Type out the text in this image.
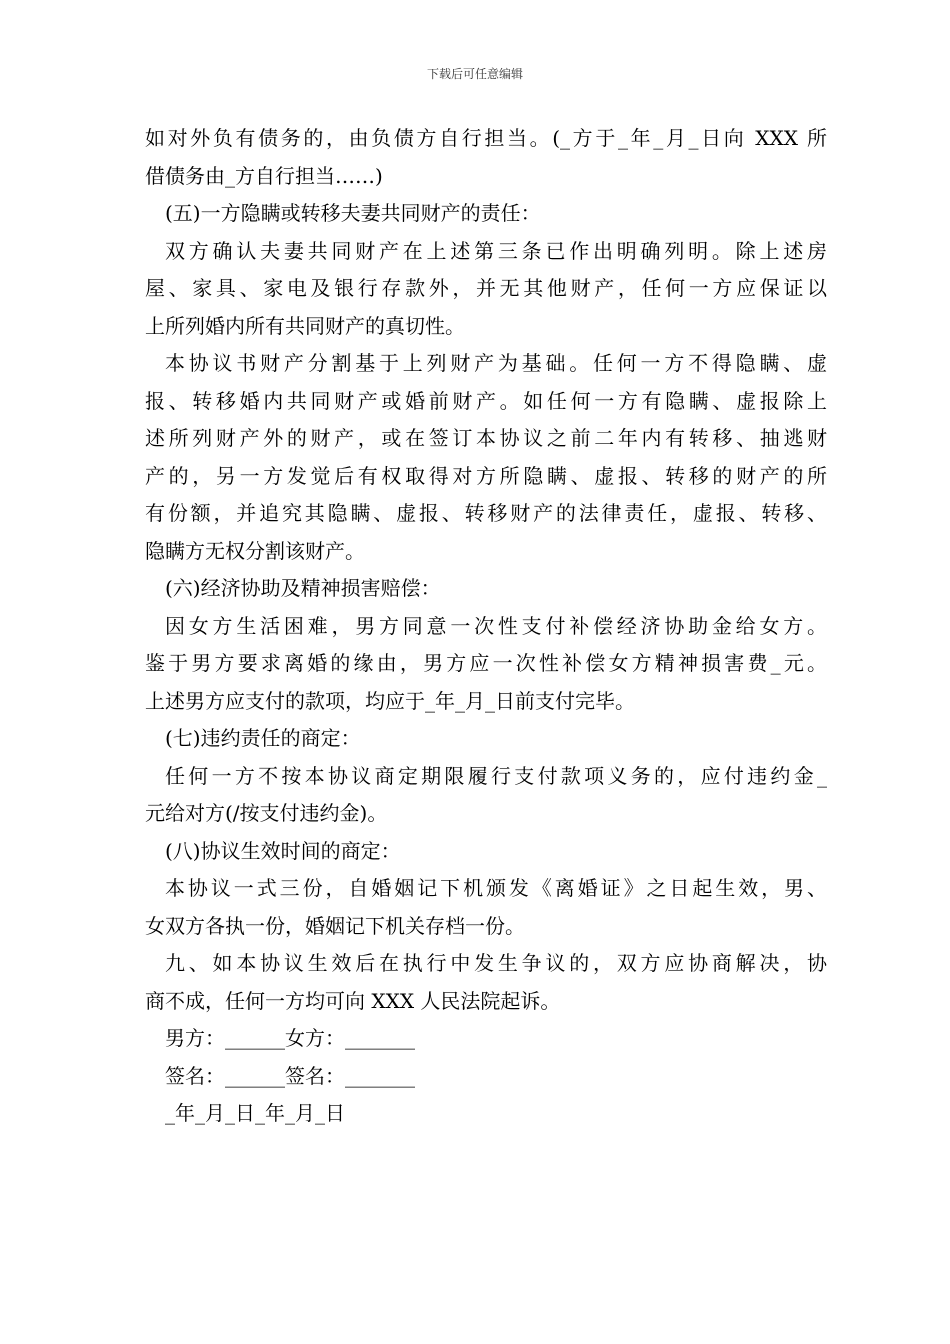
下载后可任意编辑

如对外负有债务的，由负债方自行担当。(_方于_年_月_日向 XXX 所

借债务由_方自行担当……)

(五)一方隐瞒或转移夫妻共同财产的责任：

双方确认夫妻共同财产在上述第三条已作出明确列明。除上述房

屋、家具、家电及银行存款外，并无其他财产，任何一方应保证以

上所列婚内所有共同财产的真切性。

本协议书财产分割基于上列财产为基础。任何一方不得隐瞒、虚

报、转移婚内共同财产或婚前财产。如任何一方有隐瞒、虚报除上

述所列财产外的财产，或在签订本协议之前二年内有转移、抽逃财

产的，另一方发觉后有权取得对方所隐瞒、虚报、转移的财产的所

有份额，并追究其隐瞒、虚报、转移财产的法律责任，虚报、转移、

隐瞒方无权分割该财产。

(六)经济协助及精神损害赔偿：

因女方生活困难，男方同意一次性支付补偿经济协助金给女方。

鉴于男方要求离婚的缘由，男方应一次性补偿女方精神损害费_元。

上述男方应支付的款项，均应于_年_月_日前支付完毕。

(七)违约责任的商定：

任何一方不按本协议商定期限履行支付款项义务的，应付违约金_

元给对方(/按支付违约金)。

(八)协议生效时间的商定：

本协议一式三份，自婚姻记下机颁发《离婚证》之日起生效，男、

女双方各执一份，婚姻记下机关存档一份。

九、如本协议生效后在执行中发生争议的，双方应协商解决，协

商不成，任何一方均可向 XXX 人民法院起诉。

男方：______女方：_______

签名：______签名：_______

_年_月_日_年_月_日
